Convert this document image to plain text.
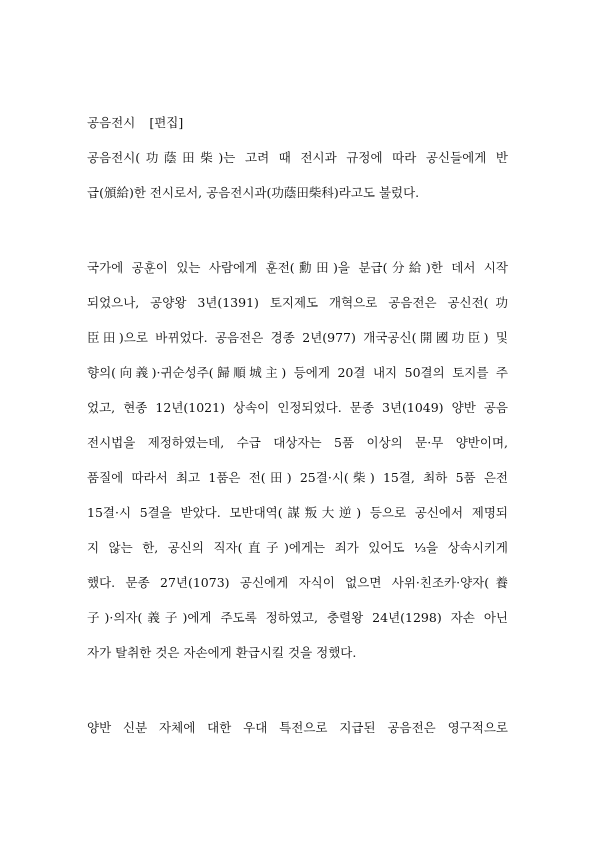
공음전시 [편집]
공음전시(功蔭田柴)는 고려 때 전시과 규정에 따라 공신들에게 반
급(頒給)한 전시로서, 공음전시과(功蔭田柴科)라고도 불렀다.
국가에 공훈이 있는 사람에게 훈전(勳田)을 분급(分給)한 데서 시작
되었으나, 공양왕 3년(1391) 토지제도 개혁으로 공음전은 공신전(功
臣田)으로 바뀌었다. 공음전은 경종 2년(977) 개국공신(開國功臣) 및
향의(向義)·귀순성주(歸順城主) 등에게 20결 내지 50결의 토지를 주
었고, 현종 12년(1021) 상속이 인정되었다. 문종 3년(1049) 양반 공음
전시법을 제정하였는데, 수급 대상자는 5품 이상의 문·무 양반이며,
품질에 따라서 최고 1품은 전(田) 25결·시(柴) 15결, 최하 5품 은전
15결·시 5결을 받았다. 모반대역(謀叛大逆) 등으로 공신에서 제명되
지 않는 한, 공신의 직자(直子)에게는 죄가 있어도 ⅓을 상속시키게
했다. 문종 27년(1073) 공신에게 자식이 없으면 사위·친조카·양자(養
子)·의자(義子)에게 주도록 정하였고, 충렬왕 24년(1298) 자손 아닌
자가 탈취한 것은 자손에게 환급시킬 것을 정했다.
양반 신분 자체에 대한 우대 특전으로 지급된 공음전은 영구적으로
